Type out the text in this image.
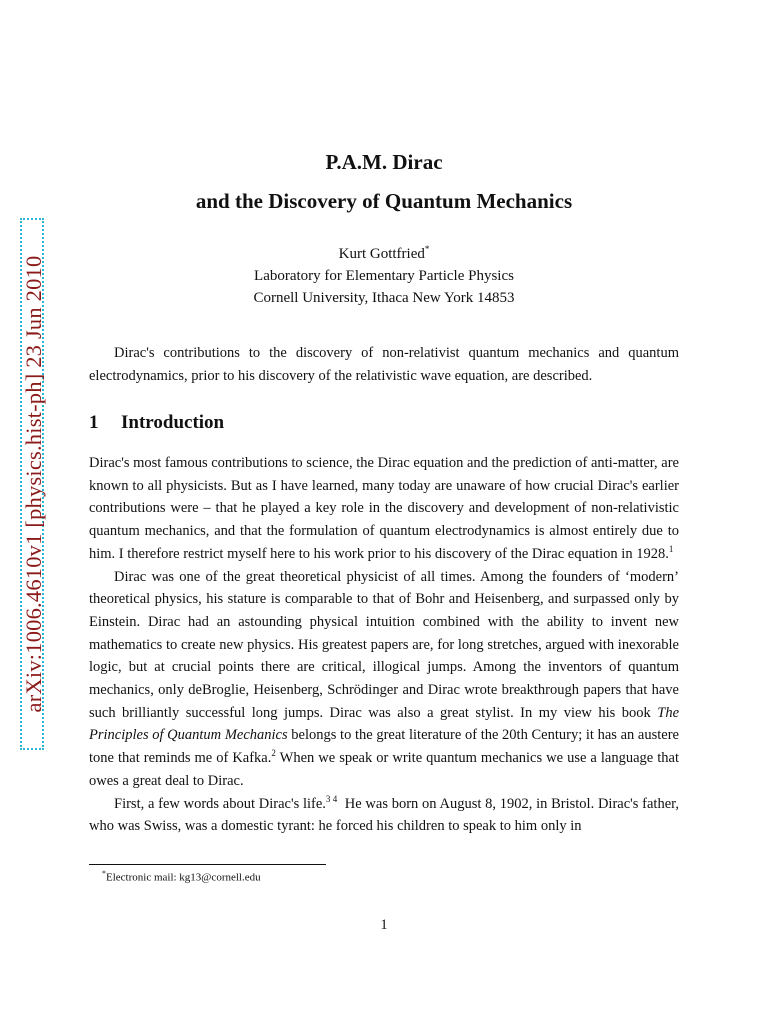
arXiv:1006.4610v1 [physics.hist-ph] 23 Jun 2010
P.A.M. Dirac
and the Discovery of Quantum Mechanics
Kurt Gottfried*
Laboratory for Elementary Particle Physics
Cornell University, Ithaca New York 14853

Dirac's contributions to the discovery of non-relativist quantum mechanics and quantum electrodynamics, prior to his discovery of the relativistic wave equation, are described.

1 Introduction

Dirac's most famous contributions to science, the Dirac equation and the prediction of anti-matter, are known to all physicists. But as I have learned, many today are unaware of how crucial Dirac's earlier contributions were – that he played a key role in the discovery and development of non-relativistic quantum mechanics, and that the formulation of quantum electrodynamics is almost entirely due to him. I therefore restrict myself here to his work prior to his discovery of the Dirac equation in 1928.$^1$

Dirac was one of the great theoretical physicist of all times. Among the founders of ‘modern’ theoretical physics, his stature is comparable to that of Bohr and Heisenberg, and surpassed only by Einstein. Dirac had an astounding physical intuition combined with the ability to invent new mathematics to create new physics. His greatest papers are, for long stretches, argued with inexorable logic, but at crucial points there are critical, illogical jumps. Among the inventors of quantum mechanics, only deBroglie, Heisenberg, Schrödinger and Dirac wrote breakthrough papers that have such brilliantly successful long jumps. Dirac was also a great stylist. In my view his book The Principles of Quantum Mechanics belongs to the great literature of the 20th Century; it has an austere tone that reminds me of Kafka.$^2$ When we speak or write quantum mechanics we use a language that owes a great deal to Dirac.

First, a few words about Dirac's life.$^{3 4}$ He was born on August 8, 1902, in Bristol. Dirac's father, who was Swiss, was a domestic tyrant: he forced his children to speak to him only in

*Electronic mail: kg13@cornell.edu
1
